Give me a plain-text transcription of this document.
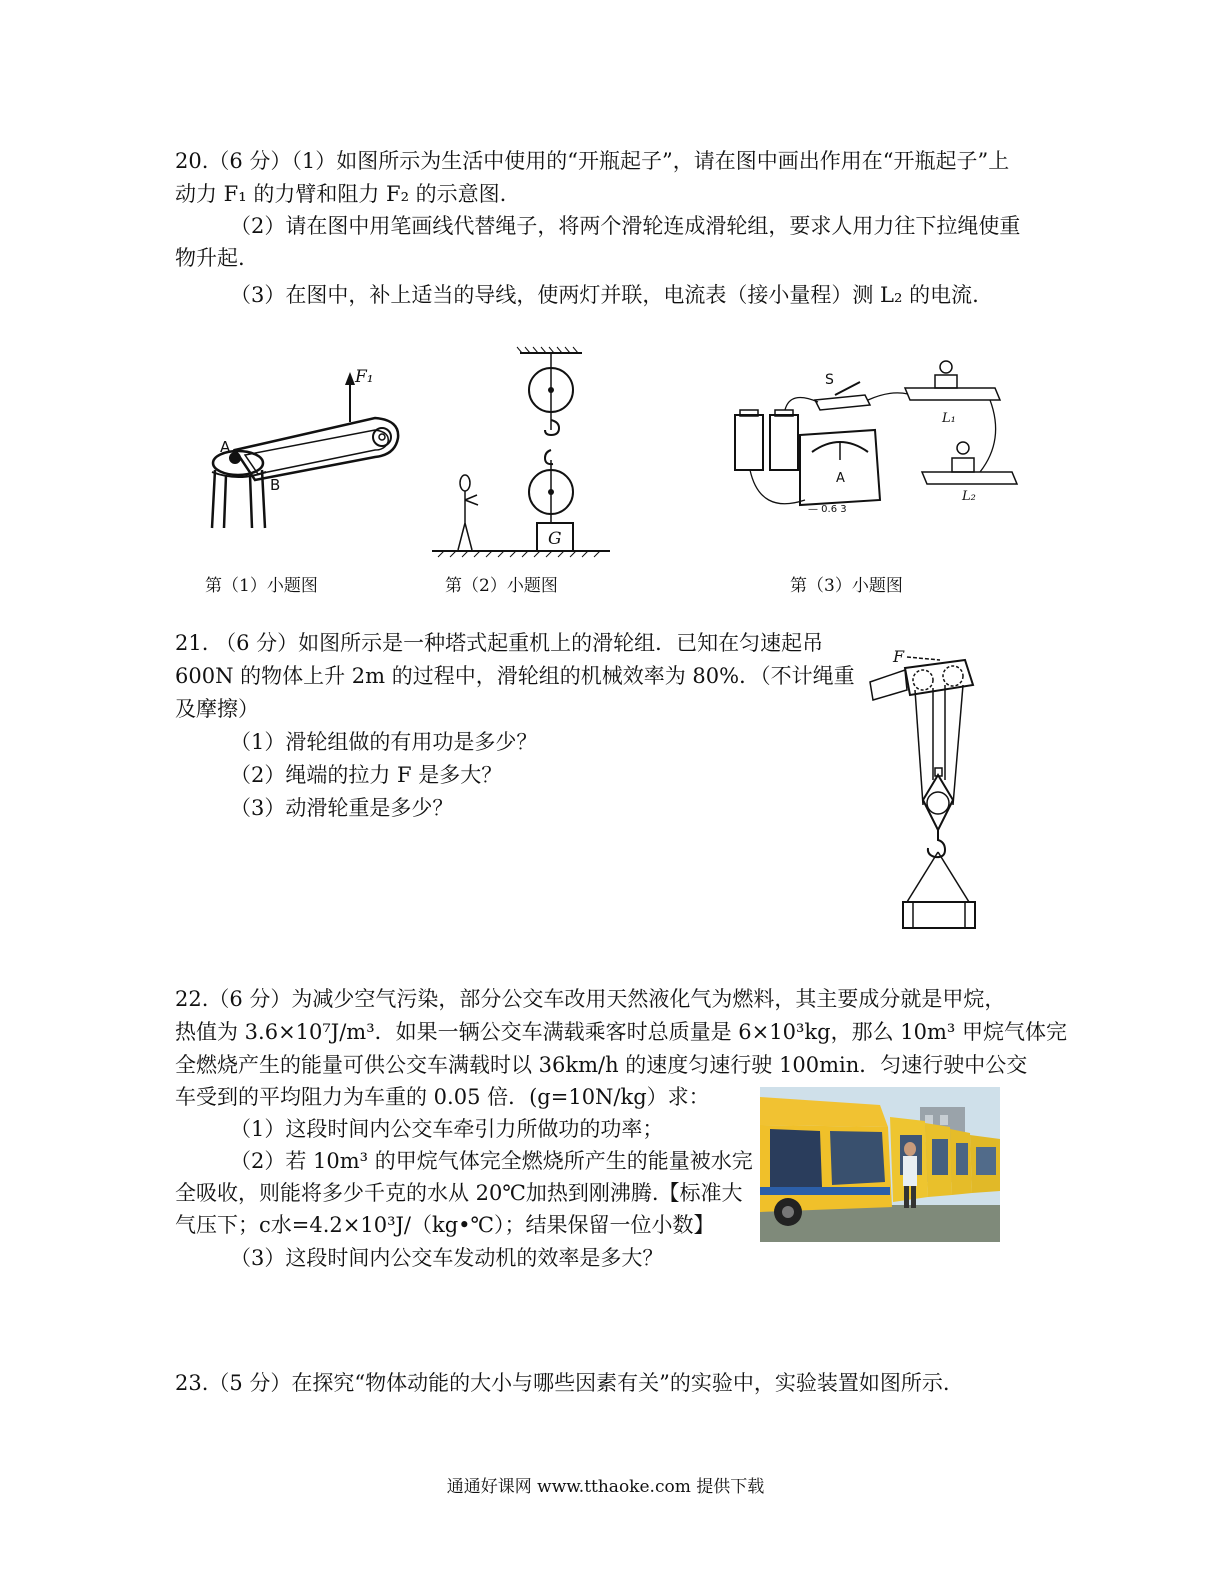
20.（6 分）（1）如图所示为生活中使用的“开瓶起子”，请在图中画出作用在“开瓶起子”上
动力 F₁ 的力臂和阻力 F₂ 的示意图.
（2）请在图中用笔画线代替绳子，将两个滑轮连成滑轮组，要求人用力往下拉绳使重
物升起.
（3）在图中，补上适当的导线，使两灯并联，电流表（接小量程）测 L₂ 的电流.
F₁
A
B
G
A
— 0.6 3
S
L₁
L₂
第（1）小题图	第（2）小题图	第（3）小题图
21. （6 分）如图所示是一种塔式起重机上的滑轮组．已知在匀速起吊
600N 的物体上升 2m 的过程中，滑轮组的机械效率为 80%．（不计绳重
及摩擦）
（1）滑轮组做的有用功是多少？
（2）绳端的拉力 F 是多大？
（3）动滑轮重是多少？
F
22.（6 分）为减少空气污染，部分公交车改用天然液化气为燃料，其主要成分就是甲烷，
热值为 3.6×10⁷J/m³．如果一辆公交车满载乘客时总质量是 6×10³kg，那么 10m³ 甲烷气体完
全燃烧产生的能量可供公交车满载时以 36km/h 的速度匀速行驶 100min．匀速行驶中公交
车受到的平均阻力为车重的 0.05 倍．(g=10N/kg）求：
（1）这段时间内公交车牵引力所做功的功率；
（2）若 10m³ 的甲烷气体完全燃烧所产生的能量被水完
全吸收，则能将多少千克的水从 20℃加热到刚沸腾.【标准大
气压下；c水=4.2×10³J/（kg•℃）；结果保留一位小数】
（3）这段时间内公交车发动机的效率是多大？
23.（5 分）在探究“物体动能的大小与哪些因素有关”的实验中，实验装置如图所示.
通通好课网 www.tthaoke.com 提供下载
